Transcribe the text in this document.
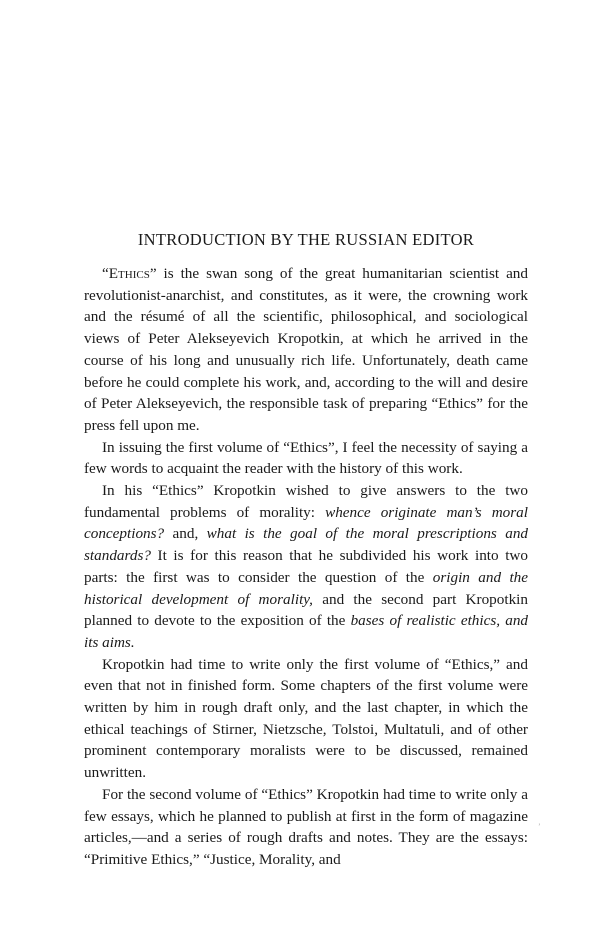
INTRODUCTION BY THE RUSSIAN EDITOR

“Ethics” is the swan song of the great humanitarian scientist and revolutionist-anarchist, and constitutes, as it were, the crowning work and the résumé of all the scientific, philosophical, and sociological views of Peter Alekseyevich Kropotkin, at which he arrived in the course of his long and unusually rich life. Unfortunately, death came before he could complete his work, and, according to the will and desire of Peter Alekseyevich, the responsible task of preparing “Ethics” for the press fell upon me.

In issuing the first volume of “Ethics”, I feel the necessity of saying a few words to acquaint the reader with the history of this work.

In his “Ethics” Kropotkin wished to give answers to the two fundamental problems of morality: whence originate man’s moral conceptions? and, what is the goal of the moral prescriptions and standards? It is for this reason that he subdivided his work into two parts: the first was to consider the question of the origin and the historical development of morality, and the second part Kropotkin planned to devote to the exposition of the bases of realistic ethics, and its aims.

Kropotkin had time to write only the first volume of “Ethics,” and even that not in finished form. Some chapters of the first volume were written by him in rough draft only, and the last chapter, in which the ethical teachings of Stirner, Nietzsche, Tolstoi, Multatuli, and of other prominent contemporary moralists were to be discussed, remained unwritten.

For the second volume of “Ethics” Kropotkin had time to write only a few essays, which he planned to publish at first in the form of magazine articles,—and a series of rough drafts and notes. They are the essays: “Primitive Ethics,” “Justice, Morality, and

ʼ
